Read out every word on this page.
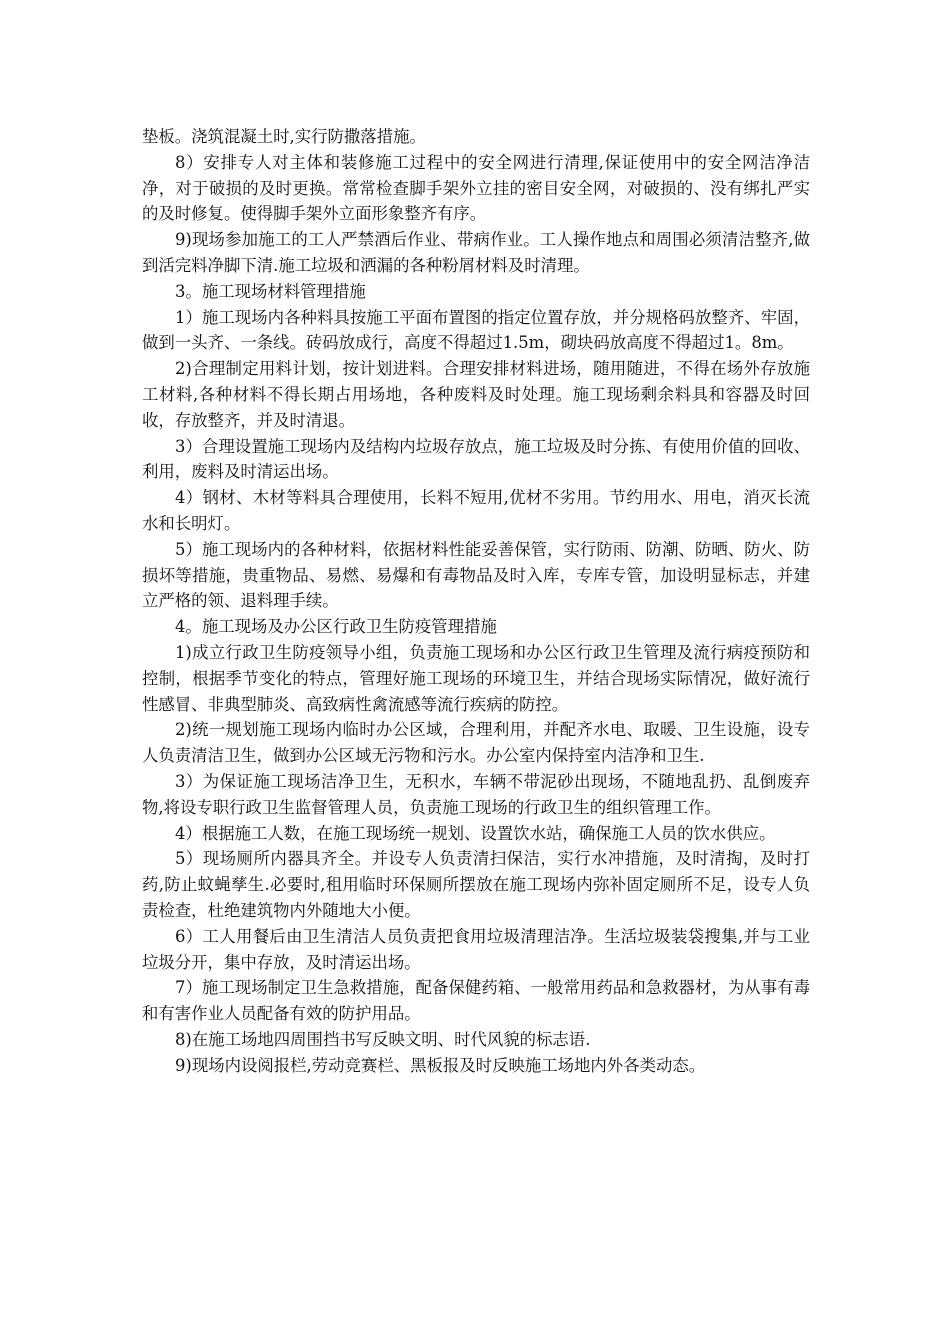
垫板。浇筑混凝土时,实行防撒落措施。

8）安排专人对主体和装修施工过程中的安全网进行清理,保证使用中的安全网洁净洁净，对于破损的及时更换。常常检查脚手架外立挂的密目安全网，对破损的、没有绑扎严实的及时修复。使得脚手架外立面形象整齐有序。

9)现场参加施工的工人严禁酒后作业、带病作业。工人操作地点和周围必须清洁整齐,做到活完料净脚下清.施工垃圾和洒漏的各种粉屑材料及时清理。

3。施工现场材料管理措施

1）施工现场内各种料具按施工平面布置图的指定位置存放，并分规格码放整齐、牢固，做到一头齐、一条线。砖码放成行，高度不得超过1.5m，砌块码放高度不得超过1。8m。

2)合理制定用料计划，按计划进料。合理安排材料进场，随用随进，不得在场外存放施工材料,各种材料不得长期占用场地，各种废料及时处理。施工现场剩余料具和容器及时回收，存放整齐，并及时清退。

3）合理设置施工现场内及结构内垃圾存放点，施工垃圾及时分拣、有使用价值的回收、利用，废料及时清运出场。

4）钢材、木材等料具合理使用，长料不短用,优材不劣用。节约用水、用电，消灭长流水和长明灯。

5）施工现场内的各种材料，依据材料性能妥善保管，实行防雨、防潮、防晒、防火、防损坏等措施，贵重物品、易燃、易爆和有毒物品及时入库，专库专管，加设明显标志，并建立严格的领、退料理手续。

4。施工现场及办公区行政卫生防疫管理措施

1)成立行政卫生防疫领导小组，负责施工现场和办公区行政卫生管理及流行病疫预防和控制，根据季节变化的特点，管理好施工现场的环境卫生，并结合现场实际情况，做好流行性感冒、非典型肺炎、高致病性禽流感等流行疾病的防控。

2)统一规划施工现场内临时办公区域，合理利用，并配齐水电、取暖、卫生设施，设专人负责清洁卫生，做到办公区域无污物和污水。办公室内保持室内洁净和卫生.

3）为保证施工现场洁净卫生，无积水，车辆不带泥砂出现场，不随地乱扔、乱倒废弃物,将设专职行政卫生监督管理人员，负责施工现场的行政卫生的组织管理工作。

4）根据施工人数，在施工现场统一规划、设置饮水站，确保施工人员的饮水供应。

5）现场厕所内器具齐全。并设专人负责清扫保洁，实行水冲措施，及时清掏，及时打药,防止蚊蝇孳生.必要时,租用临时环保厕所摆放在施工现场内弥补固定厕所不足，设专人负责检查，杜绝建筑物内外随地大小便。

6）工人用餐后由卫生清洁人员负责把食用垃圾清理洁净。生活垃圾装袋搜集,并与工业垃圾分开，集中存放，及时清运出场。

7）施工现场制定卫生急救措施，配备保健药箱、一般常用药品和急救器材，为从事有毒和有害作业人员配备有效的防护用品。

8)在施工场地四周围挡书写反映文明、时代风貌的标志语.

9)现场内设阅报栏,劳动竞赛栏、黑板报及时反映施工场地内外各类动态。
